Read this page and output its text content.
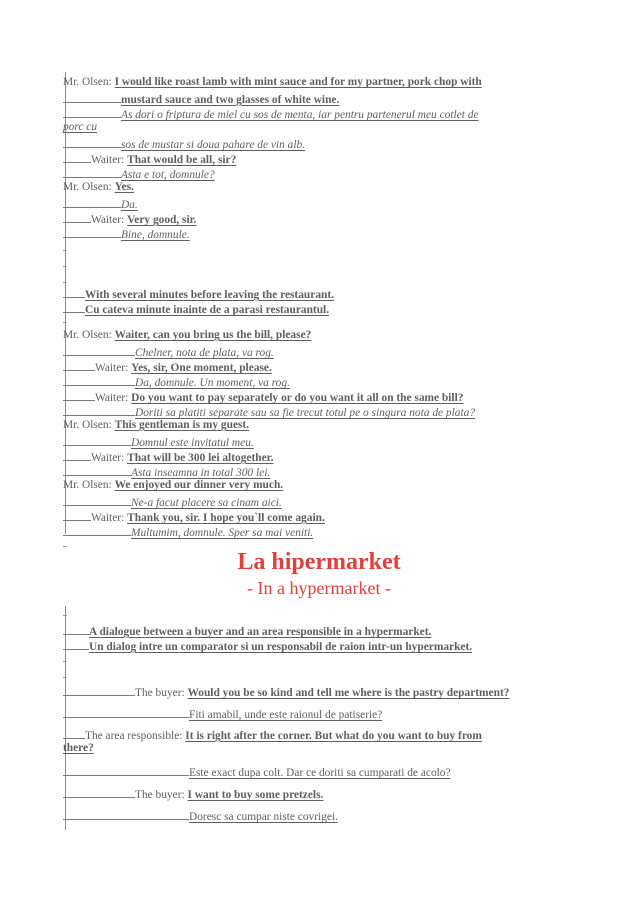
Mr. Olsen: I would like roast lamb with mint sauce and for my partner, pork chop with
mustard sauce and two glasses of white wine.
As dori o friptura de miel cu sos de menta, iar pentru partenerul meu cotlet de
porc cu
sos de mustar si doua pahare de vin alb.
Waiter: That would be all, sir?
Asta e tot, domnule?
Mr. Olsen: Yes.
Da.
Waiter: Very good, sir.
Bine, domnule.
With several minutes before leaving the restaurant.
Cu cateva minute inainte de a parasi restaurantul.
Mr. Olsen: Waiter, can you bring us the bill, please?
Chelner, nota de plata, va rog.
Waiter: Yes, sir, One moment, please.
Da, domnule. Un moment, va rog.
Waiter: Do you want to pay separately or do you want it all on the same bill?
Doriti sa platiti separate sau sa fie trecut totul pe o singura nota de plata?
Mr. Olsen: This gentleman is my guest.
Domnul este invitatul meu.
Waiter: That will be 300 lei altogether.
Asta inseamna in total 300 lei.
Mr. Olsen: We enjoyed our dinner very much.
Ne-a facut placere sa cinam aici.
Waiter: Thank you, sir. I hope you`ll come again.
Multumim, domnule. Sper sa mai veniti.
La hipermarket
- In a hypermarket -
A dialogue between a buyer and an area responsible in a hypermarket.
Un dialog intre un comparator si un responsabil de raion intr-un hypermarket.
The buyer: Would you be so kind and tell me where is the pastry department?
Fiti amabil, unde este raionul de patiserie?
The area responsible: It is right after the corner. But what do you want to buy from
there?
Este exact dupa colt. Dar ce doriti sa cumparati de acolo?
The buyer: I want to buy some pretzels.
Doresc sa cumpar niste covrigei.
